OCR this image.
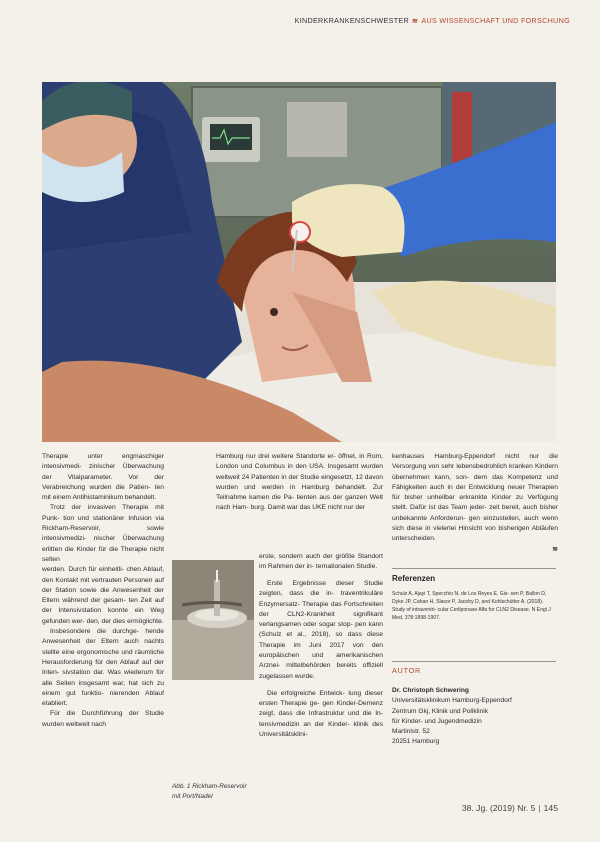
KINDERKRANKENSCHWESTER ≋ AUS WISSENSCHAFT UND FORSCHUNG

Therapie unter engmaschiger intensivmedi- zinischer Überwachung der Vitalparameter. Vor der Verabreichung wurden die Patien- ten mit einem Antihistaminikum behandelt.

Trotz der invasiven Therapie mit Punk- tion und stationärer Infusion via Rickham-Reservoir, sowie intensivmedizi- nischer Überwachung erlitten die Kinder für die Therapie nicht selten

werden. Durch für einheitli- chen Ablauf, den Kontakt mit vertrauten Personen auf der Station sowie die Anwesenheit der Eltern während der gesam- ten Zeit auf der Intensivstation konnte ein Weg gefunden wer- den, der dies ermöglichte.

Insbesondere die durchge- hende Anwesenheit der Eltern auch nachts stellte eine ergonomische und räumliche Herausforderung für den Ablauf auf der Inten- sivstation dar. Was wiederum für alle Seiten insgesamt war, hat sich zu einem gut funktio- nierenden Ablauf etabliert.

Für die Durchführung der Studie wurden weltweit nach

Hamburg nur drei weitere Standorte er- öffnet, in Rom, London und Columbus in den USA. Insgesamt wurden weltweit 24 Patienten in der Studie eingesetzt, 12 davon wurden und werden in Hamburg behandelt. Zur Teilnahme kamen die Pa- tienten aus der ganzen Welt nach Ham- burg. Damit war das UKE nicht nur der

erste, sondern auch der größte Standort im Rahmen der in- ternationalen Studie.

Erste Ergebnisse dieser Studie zeigten, dass die in- traventrikuläre Enzymersatz- Therapie das Fortschreiten der CLN2-Krankheit signifikant verlangsamen oder sogar stop- pen kann (Schulz et al., 2018), so dass diese Therapie im Juni 2017 von den europäischen und amerikanischen Arznei- mittelbehörden bereits offiziell zugelassen wurde.

Die erfolgreiche Entwick- lung dieser ersten Therapie ge- gen Kinder-Demenz zeigt, dass die Infrastruktur und die In- tensivmedizin an der Kinder- klinik des Universitätsklini-

Abb. 1 Rickham-Reservoir mit Port/Nadel

kenhauses Hamburg-Eppendorf nicht nur die Versorgung von sehr lebensbedrohlich kranken Kindern übernehmen kann, son- dern das Kompetenz und Fähigkeiten auch in der Entwicklung neuer Therapien für bisher unheilbar erkrankte Kinder zu Verfügung stellt. Dafür ist das Team jeder- zeit bereit, auch bisher unbekannte Anforderun- gen einzustellen, auch wenn sich diese in vielerlei Hinsicht von bisherigen Abläufen unterscheiden.

≋
Referenzen
Schulz A, Ajayi T, Specchio N, de Los Reyes E, Gis- sen P, Ballon D, Dyke JP, Cahan H, Slasor P, Jacoby D, and Kohlschütter A. (2018). Study of intraventri- cular Cerliponase Alfa for CLN2 Disease. N Engl J Med. 378:1898-1907.
AUTOR
Dr. Christoph Schwering
Universitätsklinikum Hamburg-Eppendorf
Zentrum Gkj, Klinik und Poliklinik
für Kinder- und Jugendmedizin
Martinistr. 52
20251 Hamburg
38. Jg. (2019) Nr. 5 | 145
